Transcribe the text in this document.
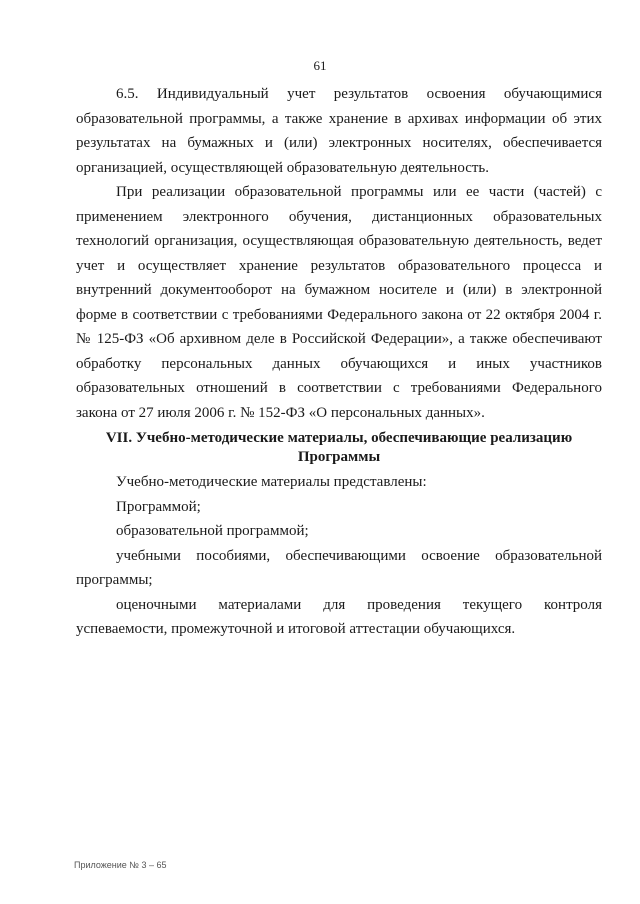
61

6.5. Индивидуальный учет результатов освоения обучающимися образовательной программы, а также хранение в архивах информации об этих результатах на бумажных и (или) электронных носителях, обеспечивается организацией, осуществляющей образовательную деятельность.

При реализации образовательной программы или ее части (частей) с применением электронного обучения, дистанционных образовательных технологий организация, осуществляющая образовательную деятельность, ведет учет и осуществляет хранение результатов образовательного процесса и внутренний документооборот на бумажном носителе и (или) в электронной форме в соответствии с требованиями Федерального закона от 22 октября 2004 г. № 125-ФЗ «Об архивном деле в Российской Федерации», а также обеспечивают обработку персональных данных обучающихся и иных участников образовательных отношений в соответствии с требованиями Федерального закона от 27 июля 2006 г. № 152-ФЗ «О персональных данных».

VII. Учебно-методические материалы, обеспечивающие реализацию
Программы

Учебно-методические материалы представлены:

Программой;

образовательной программой;

учебными пособиями, обеспечивающими освоение образовательной программы;

оценочными материалами для проведения текущего контроля успеваемости, промежуточной и итоговой аттестации обучающихся.

Приложение № 3 – 65
